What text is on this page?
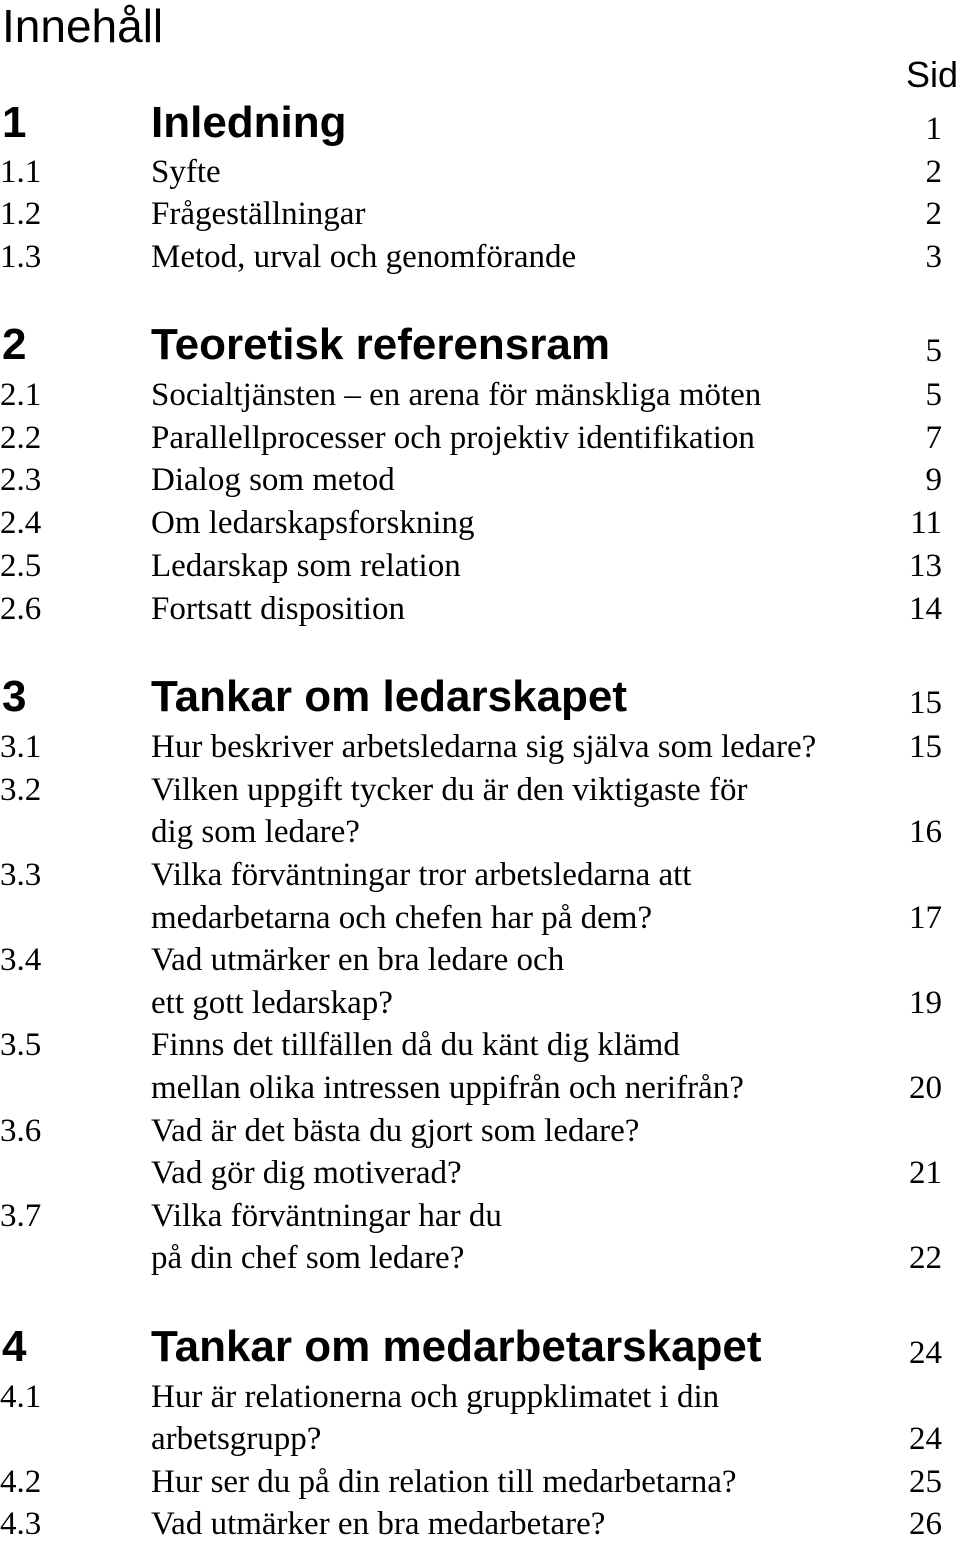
Innehåll
Sid
1	Inledning	1
1.1	Syfte	2
1.2	Frågeställningar	2
1.3	Metod, urval och genomförande	3
2	Teoretisk referensram	5
2.1	Socialtjänsten – en arena för mänskliga möten	5
2.2	Parallellprocesser och projektiv identifikation	7
2.3	Dialog som metod	9
2.4	Om ledarskapsforskning	11
2.5	Ledarskap som relation	13
2.6	Fortsatt disposition	14
3	Tankar om ledarskapet	15
3.1	Hur beskriver arbetsledarna sig själva som ledare?	15
3.2	Vilken uppgift tycker du är den viktigaste för
dig som ledare?	16
3.3	Vilka förväntningar tror arbetsledarna att
medarbetarna och chefen har på dem?	17
3.4	Vad utmärker en bra ledare och
ett gott ledarskap?	19
3.5	Finns det tillfällen då du känt dig klämd
mellan olika intressen uppifrån och nerifrån?	20
3.6	Vad är det bästa du gjort som ledare?
Vad gör dig motiverad?	21
3.7	Vilka förväntningar har du
på din chef som ledare?	22
4	Tankar om medarbetarskapet	24
4.1	Hur är relationerna och gruppklimatet i din
arbetsgrupp?	24
4.2	Hur ser du på din relation till medarbetarna?	25
4.3	Vad utmärker en bra medarbetare?	26
